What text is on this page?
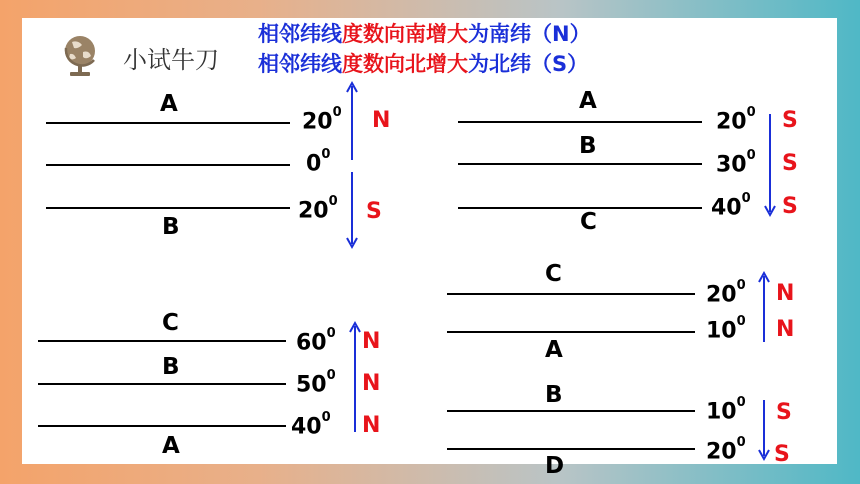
小试牛刀
相邻纬线度数向南增大为南纬（N）
相邻纬线度数向北增大为北纬（S）
A
$20^0$
$0^0$
$20^0$
N
S
B
A
B
C
$20^0$
$30^0$
$40^0$
S
S
S
C
B
A
$60^0$
$50^0$
$40^0$
N
N
N
C
A
$20^0$
$10^0$
N
N
B
D
$10^0$
$20^0$
S
S
